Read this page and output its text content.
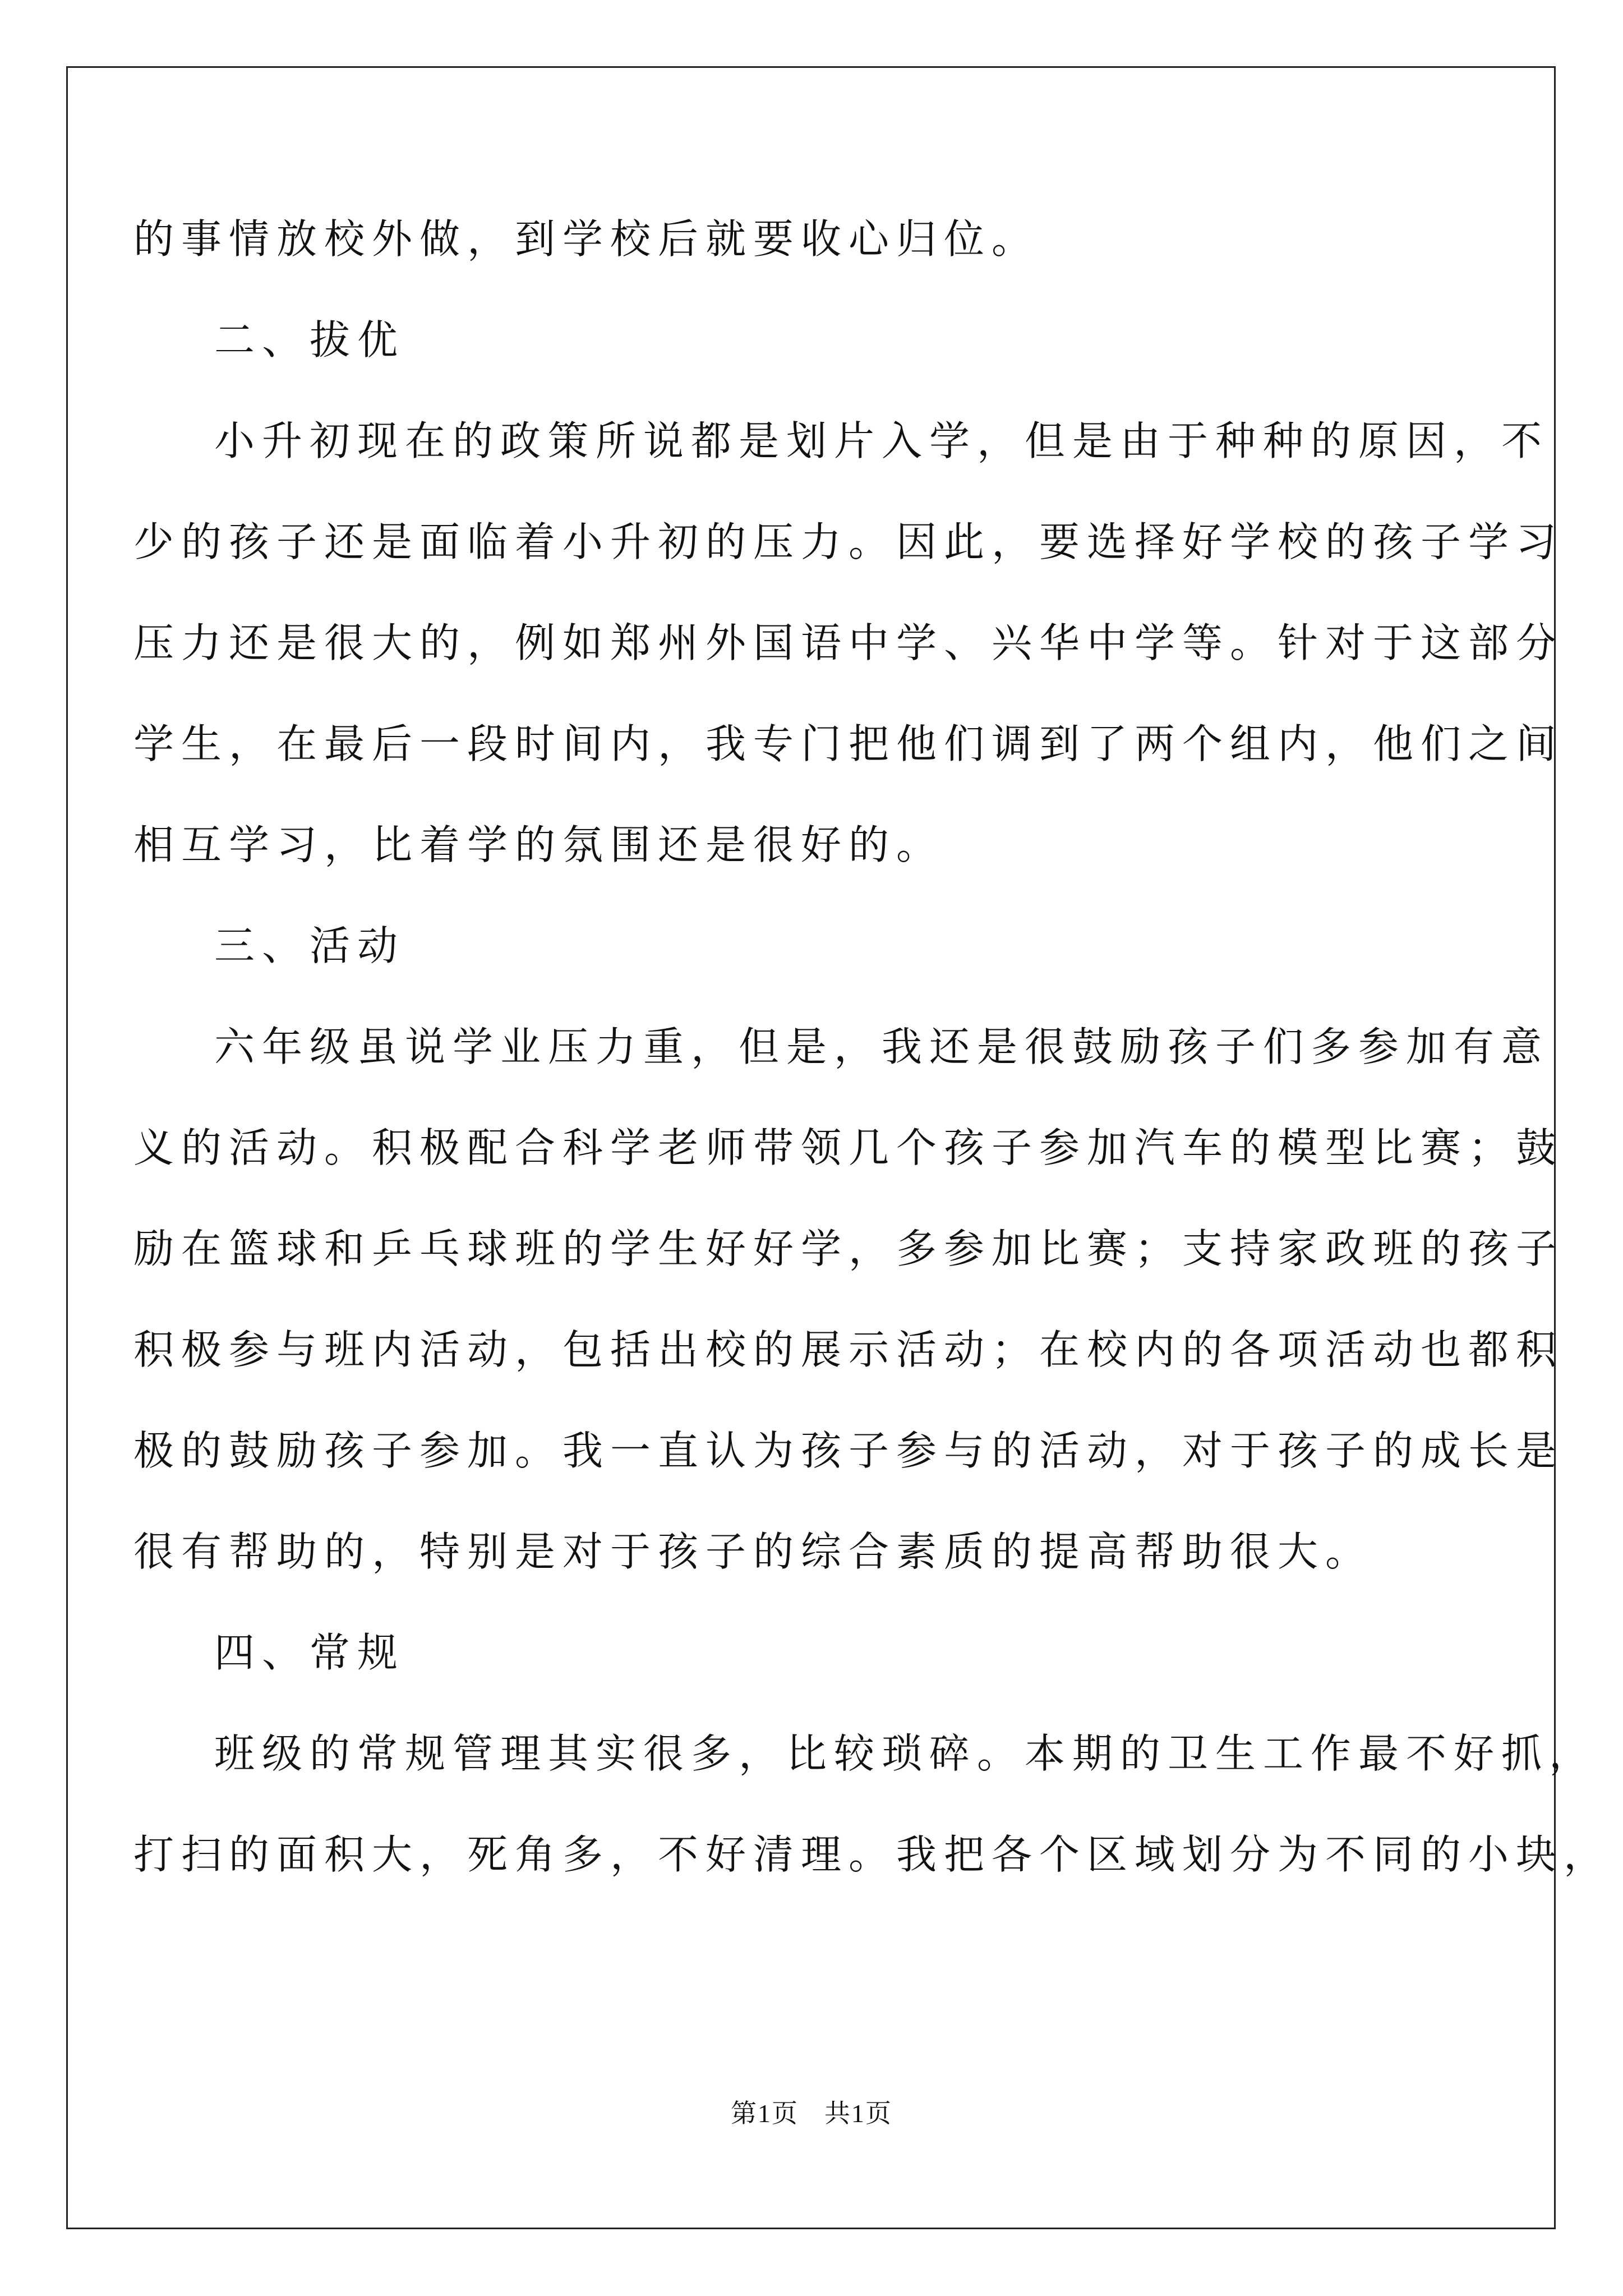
的事情放校外做，到学校后就要收心归位。
二、拔优
小升初现在的政策所说都是划片入学，但是由于种种的原因，不
少的孩子还是面临着小升初的压力。因此，要选择好学校的孩子学习
压力还是很大的，例如郑州外国语中学、兴华中学等。针对于这部分
学生，在最后一段时间内，我专门把他们调到了两个组内，他们之间
相互学习，比着学的氛围还是很好的。
三、活动
六年级虽说学业压力重，但是，我还是很鼓励孩子们多参加有意
义的活动。积极配合科学老师带领几个孩子参加汽车的模型比赛；鼓
励在篮球和乒乓球班的学生好好学，多参加比赛；支持家政班的孩子
积极参与班内活动，包括出校的展示活动；在校内的各项活动也都积
极的鼓励孩子参加。我一直认为孩子参与的活动，对于孩子的成长是
很有帮助的，特别是对于孩子的综合素质的提高帮助很大。
四、常规
班级的常规管理其实很多，比较琐碎。本期的卫生工作最不好抓，
打扫的面积大，死角多，不好清理。我把各个区域划分为不同的小块，
第1页 共1页
